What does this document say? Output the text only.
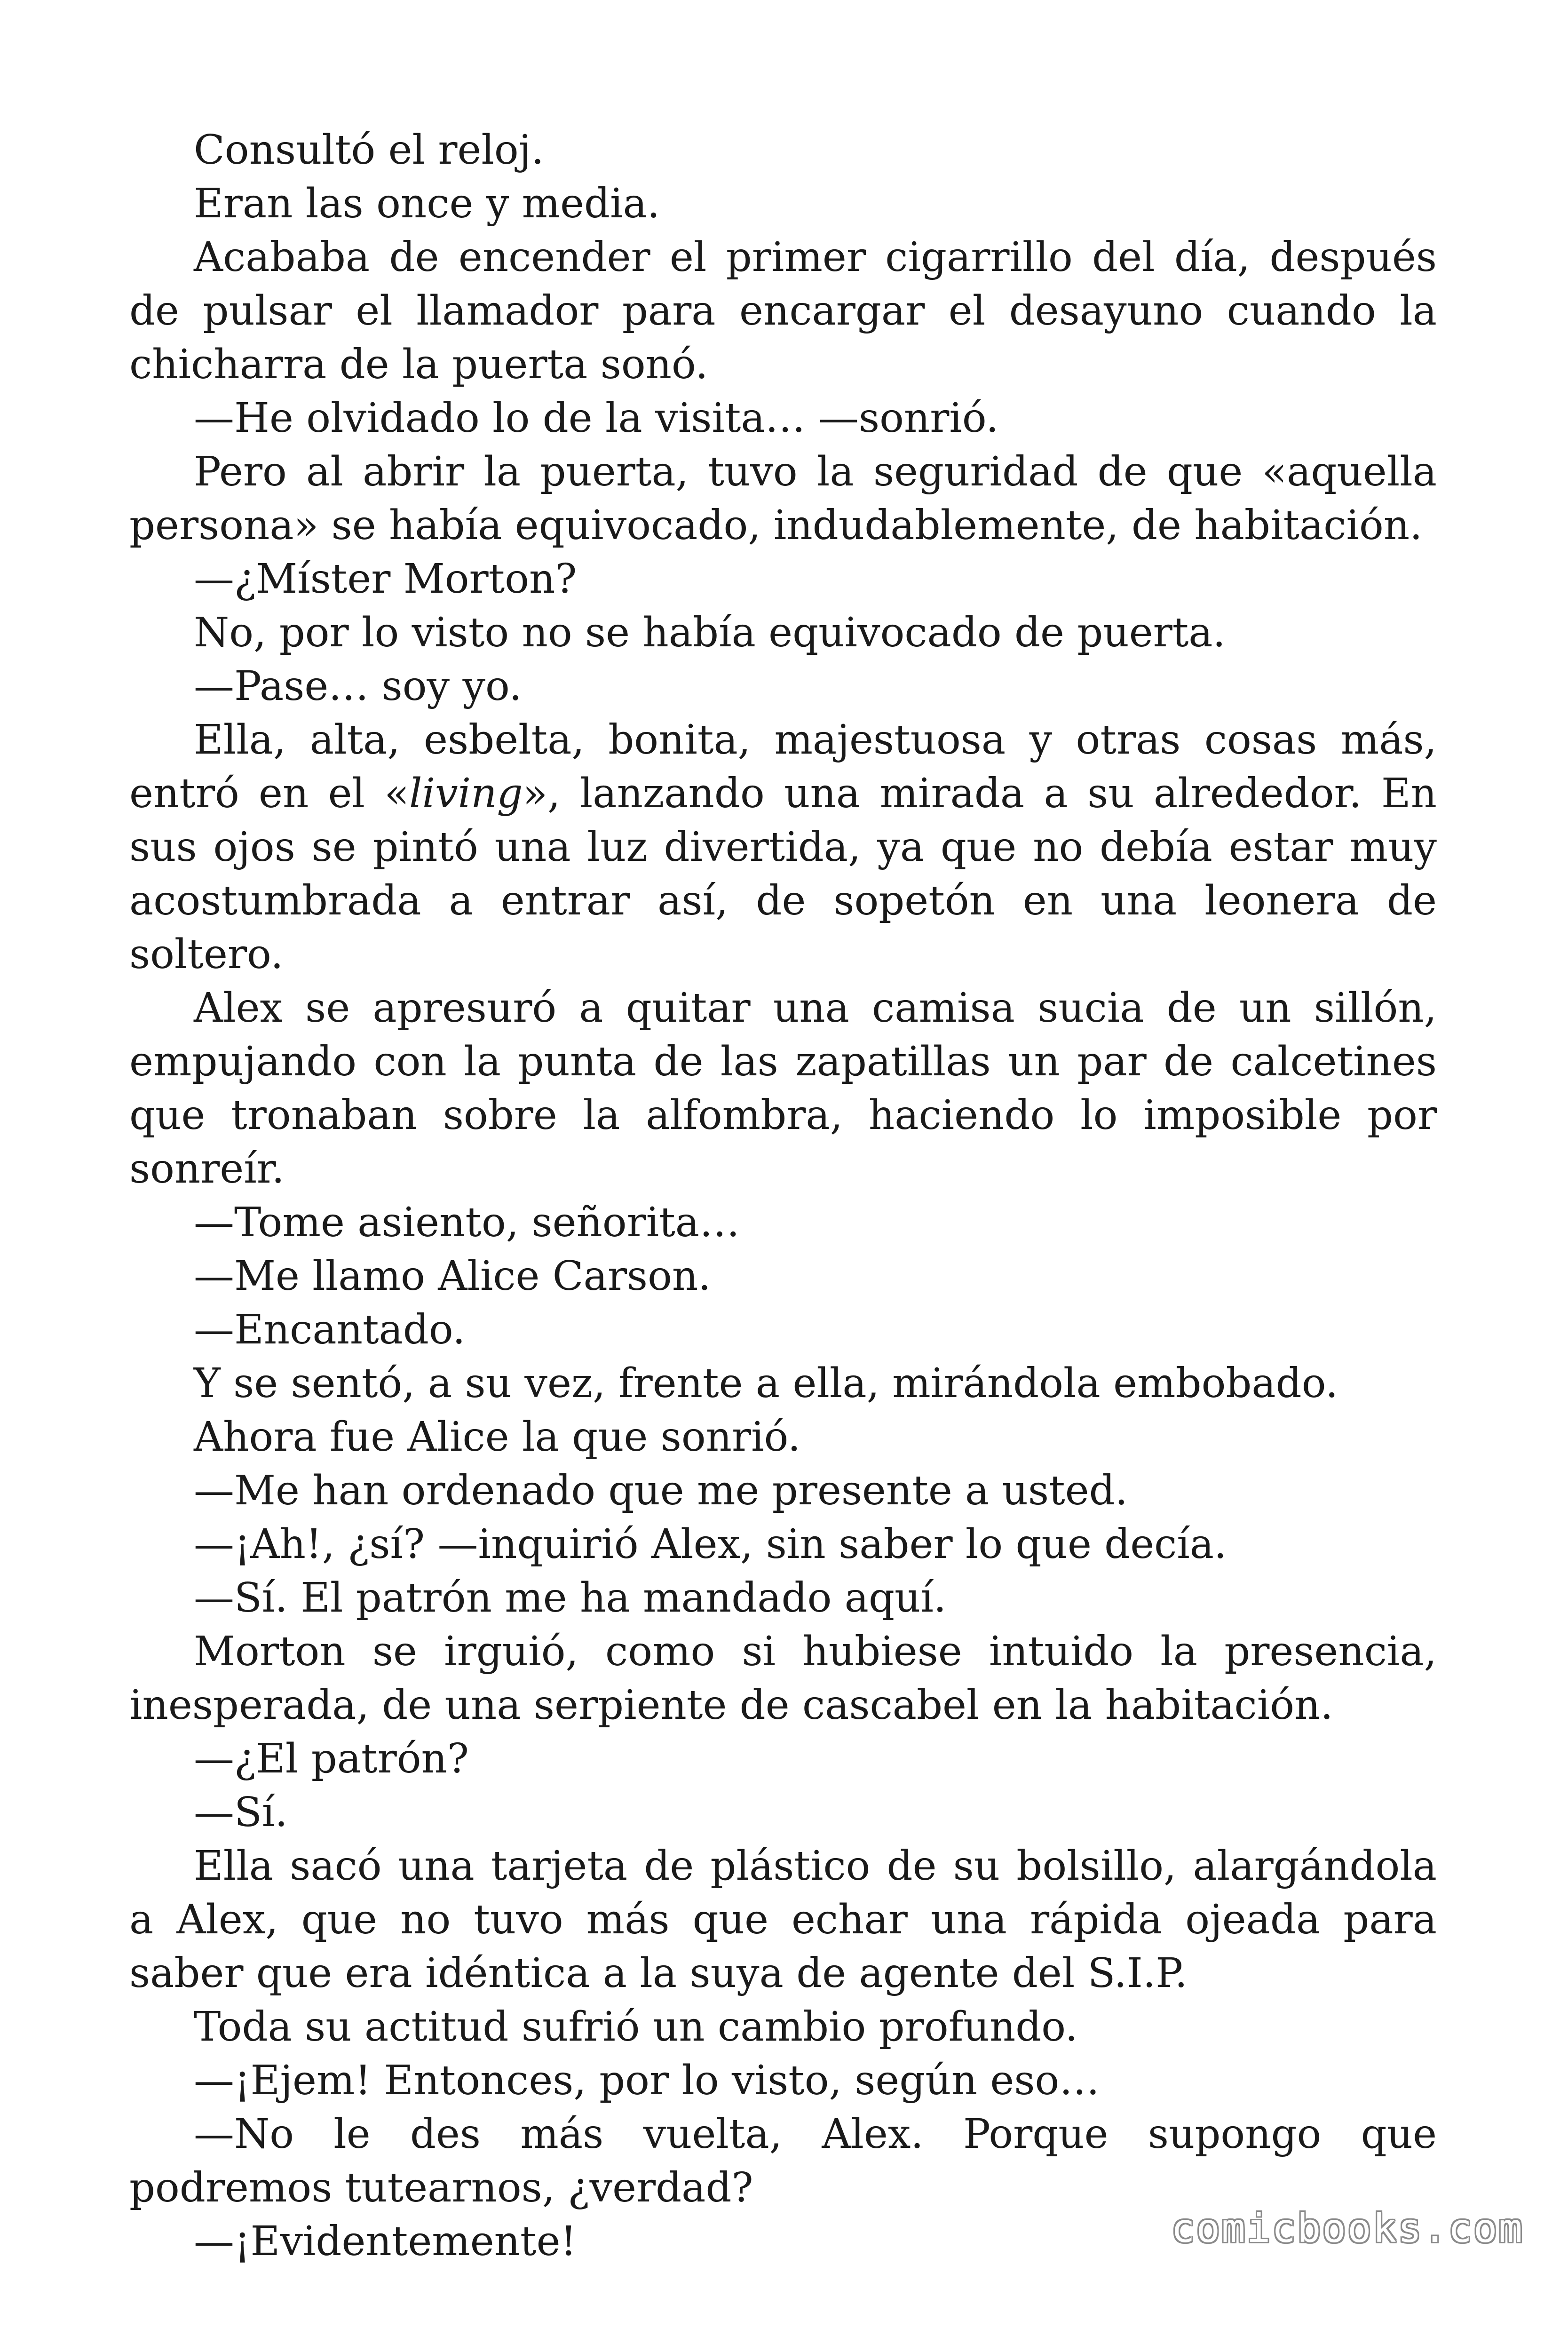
Consultó el reloj.

Eran las once y media.

Acababa de encender el primer cigarrillo del día, después de pulsar el llamador para encargar el desayuno cuando la chicharra de la puerta sonó.

—He olvidado lo de la visita… —sonrió.

Pero al abrir la puerta, tuvo la seguridad de que «aquella persona» se había equivocado, indudablemente, de habitación.

—¿Míster Morton?

No, por lo visto no se había equivocado de puerta.

—Pase… soy yo.

Ella, alta, esbelta, bonita, majestuosa y otras cosas más, entró en el «living», lanzando una mirada a su alrededor. En sus ojos se pintó una luz divertida, ya que no debía estar muy acostumbrada a entrar así, de sopetón en una leonera de soltero.

Alex se apresuró a quitar una camisa sucia de un sillón, empujando con la punta de las zapatillas un par de calcetines que tronaban sobre la alfombra, haciendo lo imposible por sonreír.

—Tome asiento, señorita…

—Me llamo Alice Carson.

—Encantado.

Y se sentó, a su vez, frente a ella, mirándola embobado.

Ahora fue Alice la que sonrió.

—Me han ordenado que me presente a usted.

—¡Ah!, ¿sí? —inquirió Alex, sin saber lo que decía.

—Sí. El patrón me ha mandado aquí.

Morton se irguió, como si hubiese intuido la presencia, inesperada, de una serpiente de cascabel en la habitación.

—¿El patrón?

—Sí.

Ella sacó una tarjeta de plástico de su bolsillo, alargándola a Alex, que no tuvo más que echar una rápida ojeada para saber que era idéntica a la suya de agente del S.I.P.

Toda su actitud sufrió un cambio profundo.

—¡Ejem! Entonces, por lo visto, según eso…

—No le des más vuelta, Alex. Porque supongo que podremos tutearnos, ¿verdad?

—¡Evidentemente!	comicbooks.com
